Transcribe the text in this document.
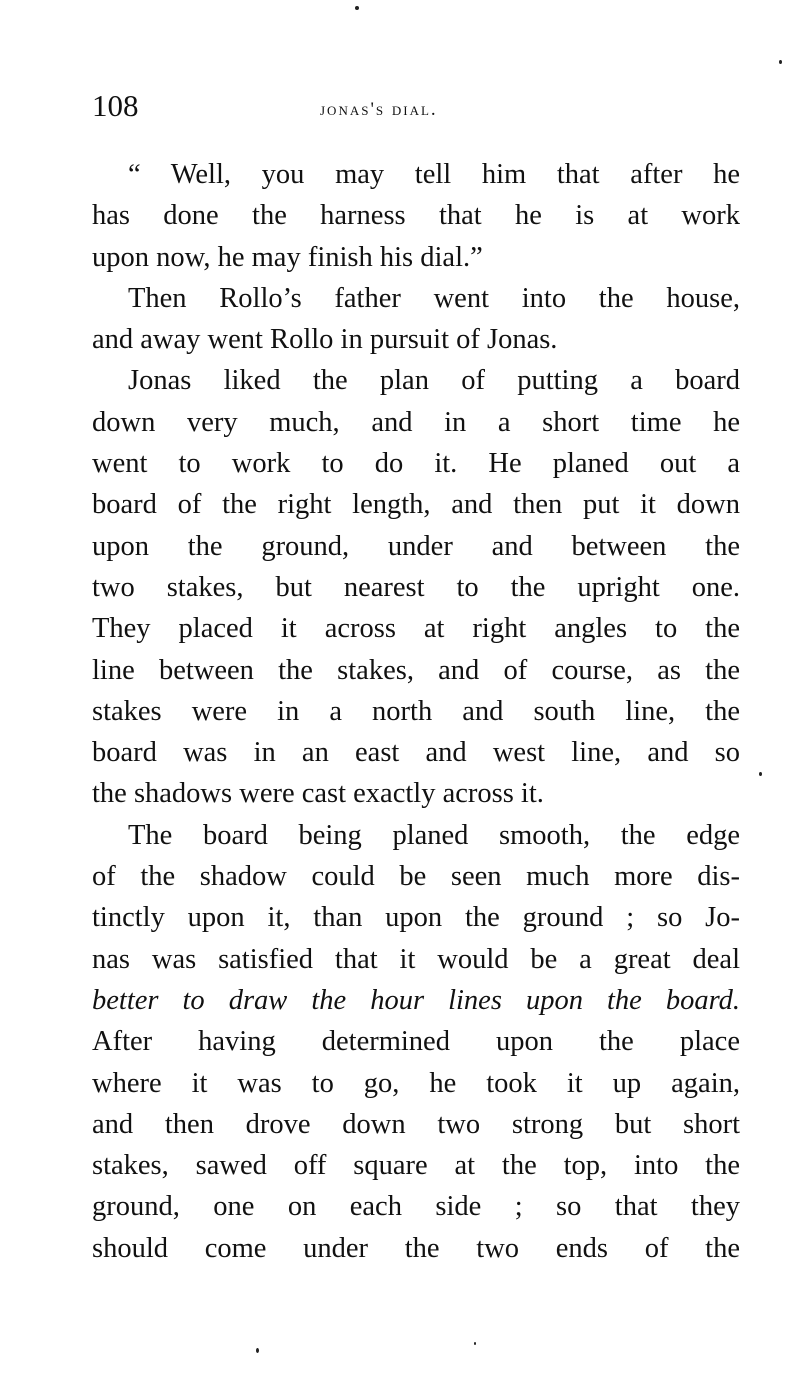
108	jonas's dial.
“ Well, you may tell him that after he
has done the harness that he is at work
upon now, he may finish his dial.”
Then Rollo’s father went into the house,
and away went Rollo in pursuit of Jonas.
Jonas liked the plan of putting a board
down very much, and in a short time he
went to work to do it. He planed out a
board of the right length, and then put it down
upon the ground, under and between the
two stakes, but nearest to the upright one.
They placed it across at right angles to the
line between the stakes, and of course, as the
stakes were in a north and south line, the
board was in an east and west line, and so
the shadows were cast exactly across it.
The board being planed smooth, the edge
of the shadow could be seen much more dis-
tinctly upon it, than upon the ground ; so Jo-
nas was satisfied that it would be a great deal
better to draw the hour lines upon the board.
After having determined upon the place
where it was to go, he took it up again,
and then drove down two strong but short
stakes, sawed off square at the top, into the
ground, one on each side ; so that they
should come under the two ends of the
